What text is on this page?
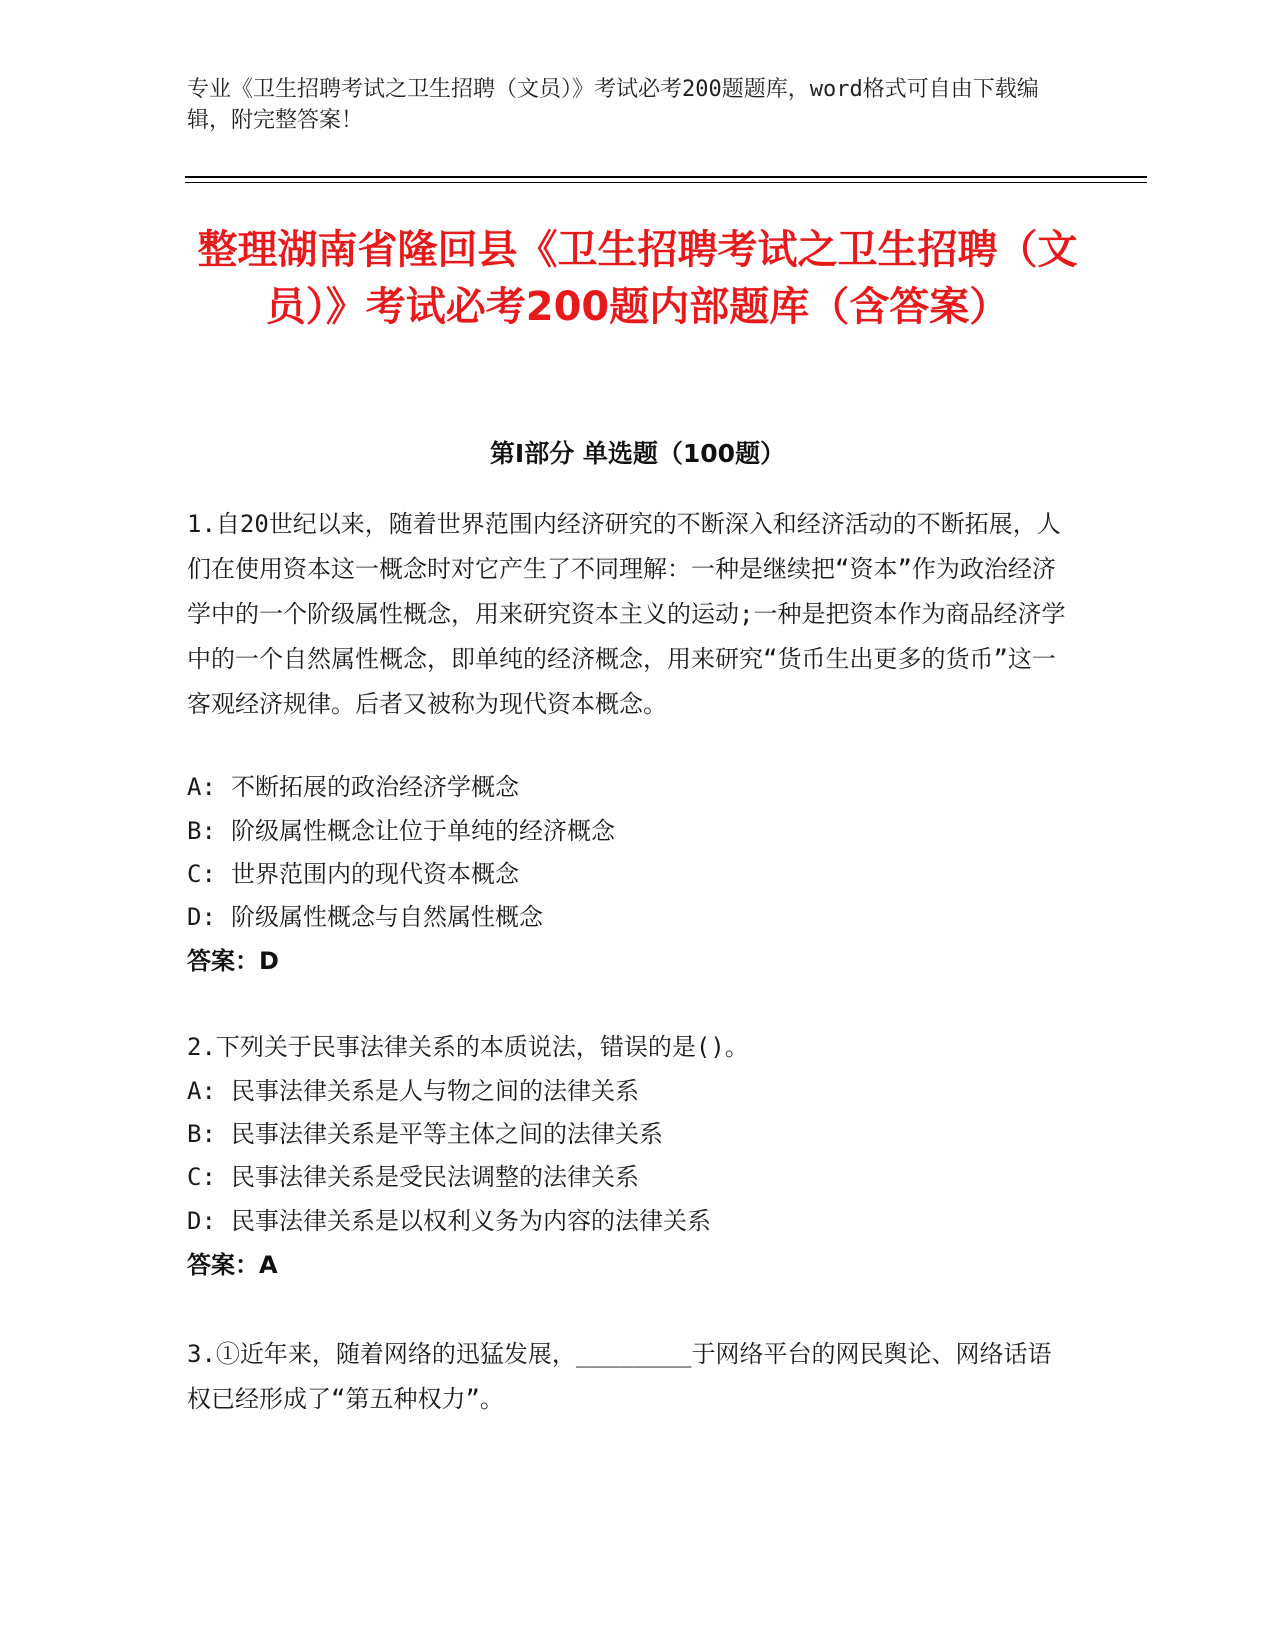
专业《卫生招聘考试之卫生招聘（文员）》考试必考200题题库，word格式可自由下载编辑，附完整答案！
整理湖南省隆回县《卫生招聘考试之卫生招聘（文员）》考试必考200题内部题库（含答案）
第I部分 单选题（100题）
1.自20世纪以来，随着世界范围内经济研究的不断深入和经济活动的不断拓展，人们在使用资本这一概念时对它产生了不同理解：一种是继续把“资本”作为政治经济学中的一个阶级属性概念，用来研究资本主义的运动;一种是把资本作为商品经济学中的一个自然属性概念，即单纯的经济概念，用来研究“货币生出更多的货币”这一客观经济规律。后者又被称为现代资本概念。
A: 不断拓展的政治经济学概念
B: 阶级属性概念让位于单纯的经济概念
C: 世界范围内的现代资本概念
D: 阶级属性概念与自然属性概念
答案：D
2.下列关于民事法律关系的本质说法，错误的是()。
A: 民事法律关系是人与物之间的法律关系
B: 民事法律关系是平等主体之间的法律关系
C: 民事法律关系是受民法调整的法律关系
D: 民事法律关系是以权利义务为内容的法律关系
答案：A
3.①近年来，随着网络的迅猛发展，________于网络平台的网民舆论、网络话语权已经形成了“第五种权力”。
